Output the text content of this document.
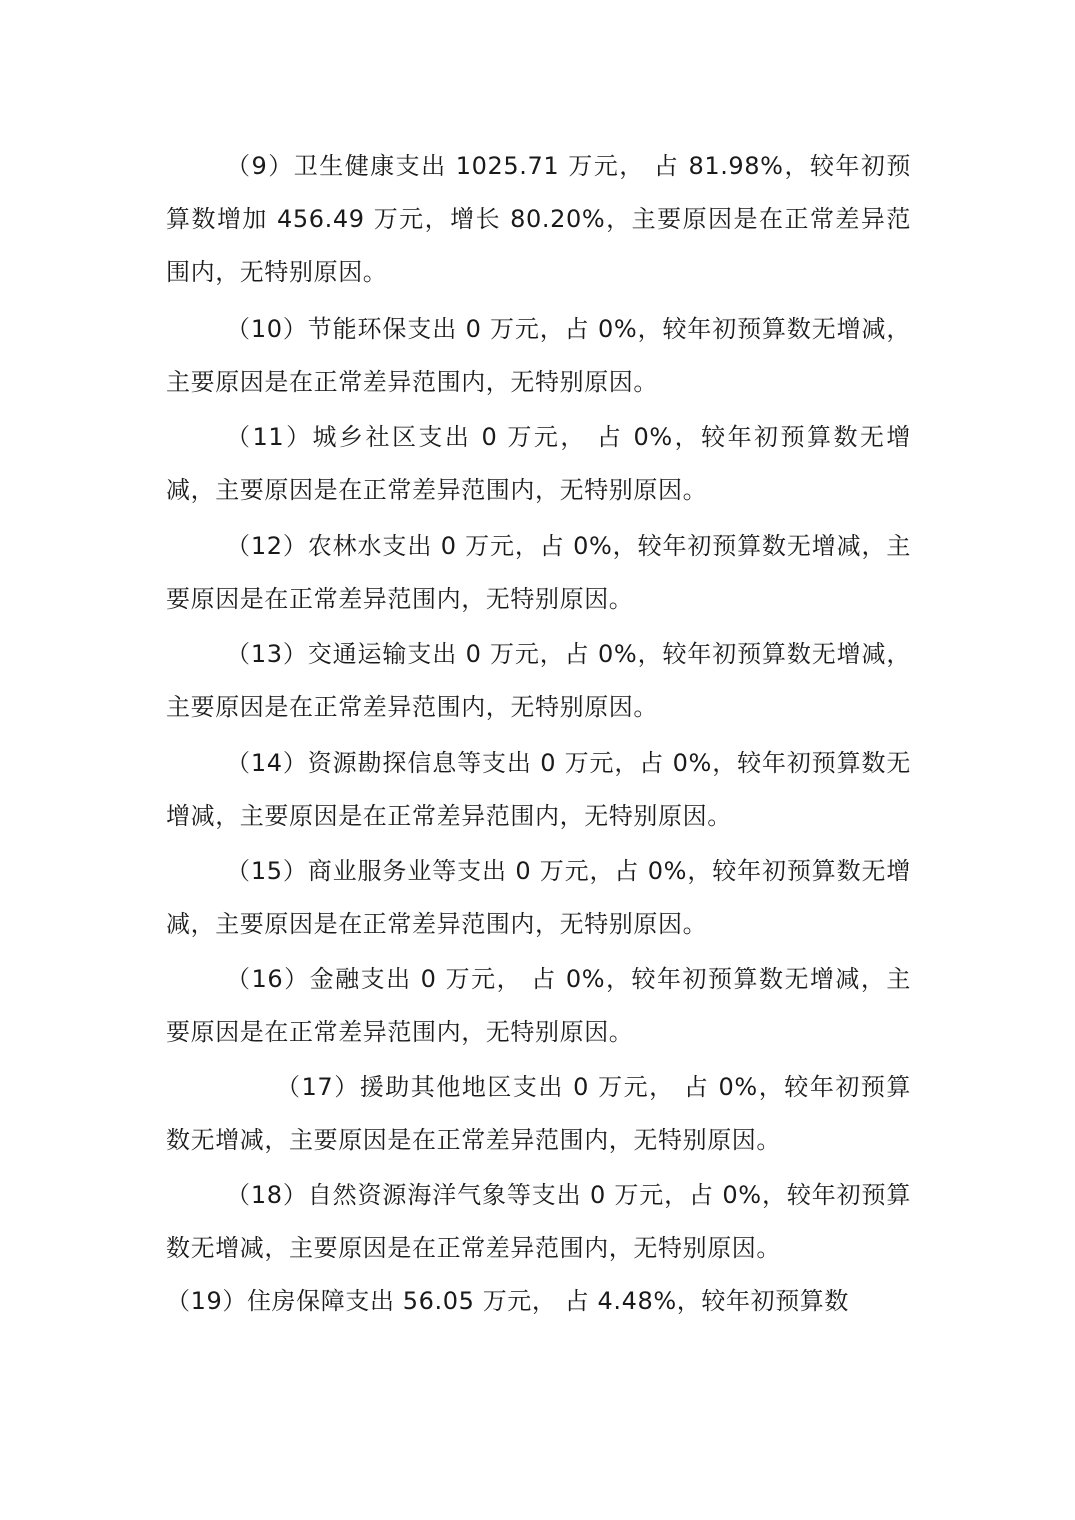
（9）卫生健康支出 1025.71 万元， 占 81.98%，较年初预算数增加 456.49 万元，增长 80.20%，主要原因是在正常差异范围内，无特别原因。

（10）节能环保支出 0 万元，占 0%，较年初预算数无增减，主要原因是在正常差异范围内，无特别原因。

（11）城乡社区支出 0 万元， 占 0%，较年初预算数无增减，主要原因是在正常差异范围内，无特别原因。

（12）农林水支出 0 万元，占 0%，较年初预算数无增减，主要原因是在正常差异范围内，无特别原因。

（13）交通运输支出 0 万元，占 0%，较年初预算数无增减，主要原因是在正常差异范围内，无特别原因。

（14）资源勘探信息等支出 0 万元，占 0%，较年初预算数无增减，主要原因是在正常差异范围内，无特别原因。

（15）商业服务业等支出 0 万元，占 0%，较年初预算数无增减，主要原因是在正常差异范围内，无特别原因。

（16）金融支出 0 万元， 占 0%，较年初预算数无增减，主要原因是在正常差异范围内，无特别原因。

（17）援助其他地区支出 0 万元， 占 0%，较年初预算数无增减，主要原因是在正常差异范围内，无特别原因。

（18）自然资源海洋气象等支出 0 万元，占 0%，较年初预算数无增减，主要原因是在正常差异范围内，无特别原因。

（19）住房保障支出 56.05 万元， 占 4.48%，较年初预算数
